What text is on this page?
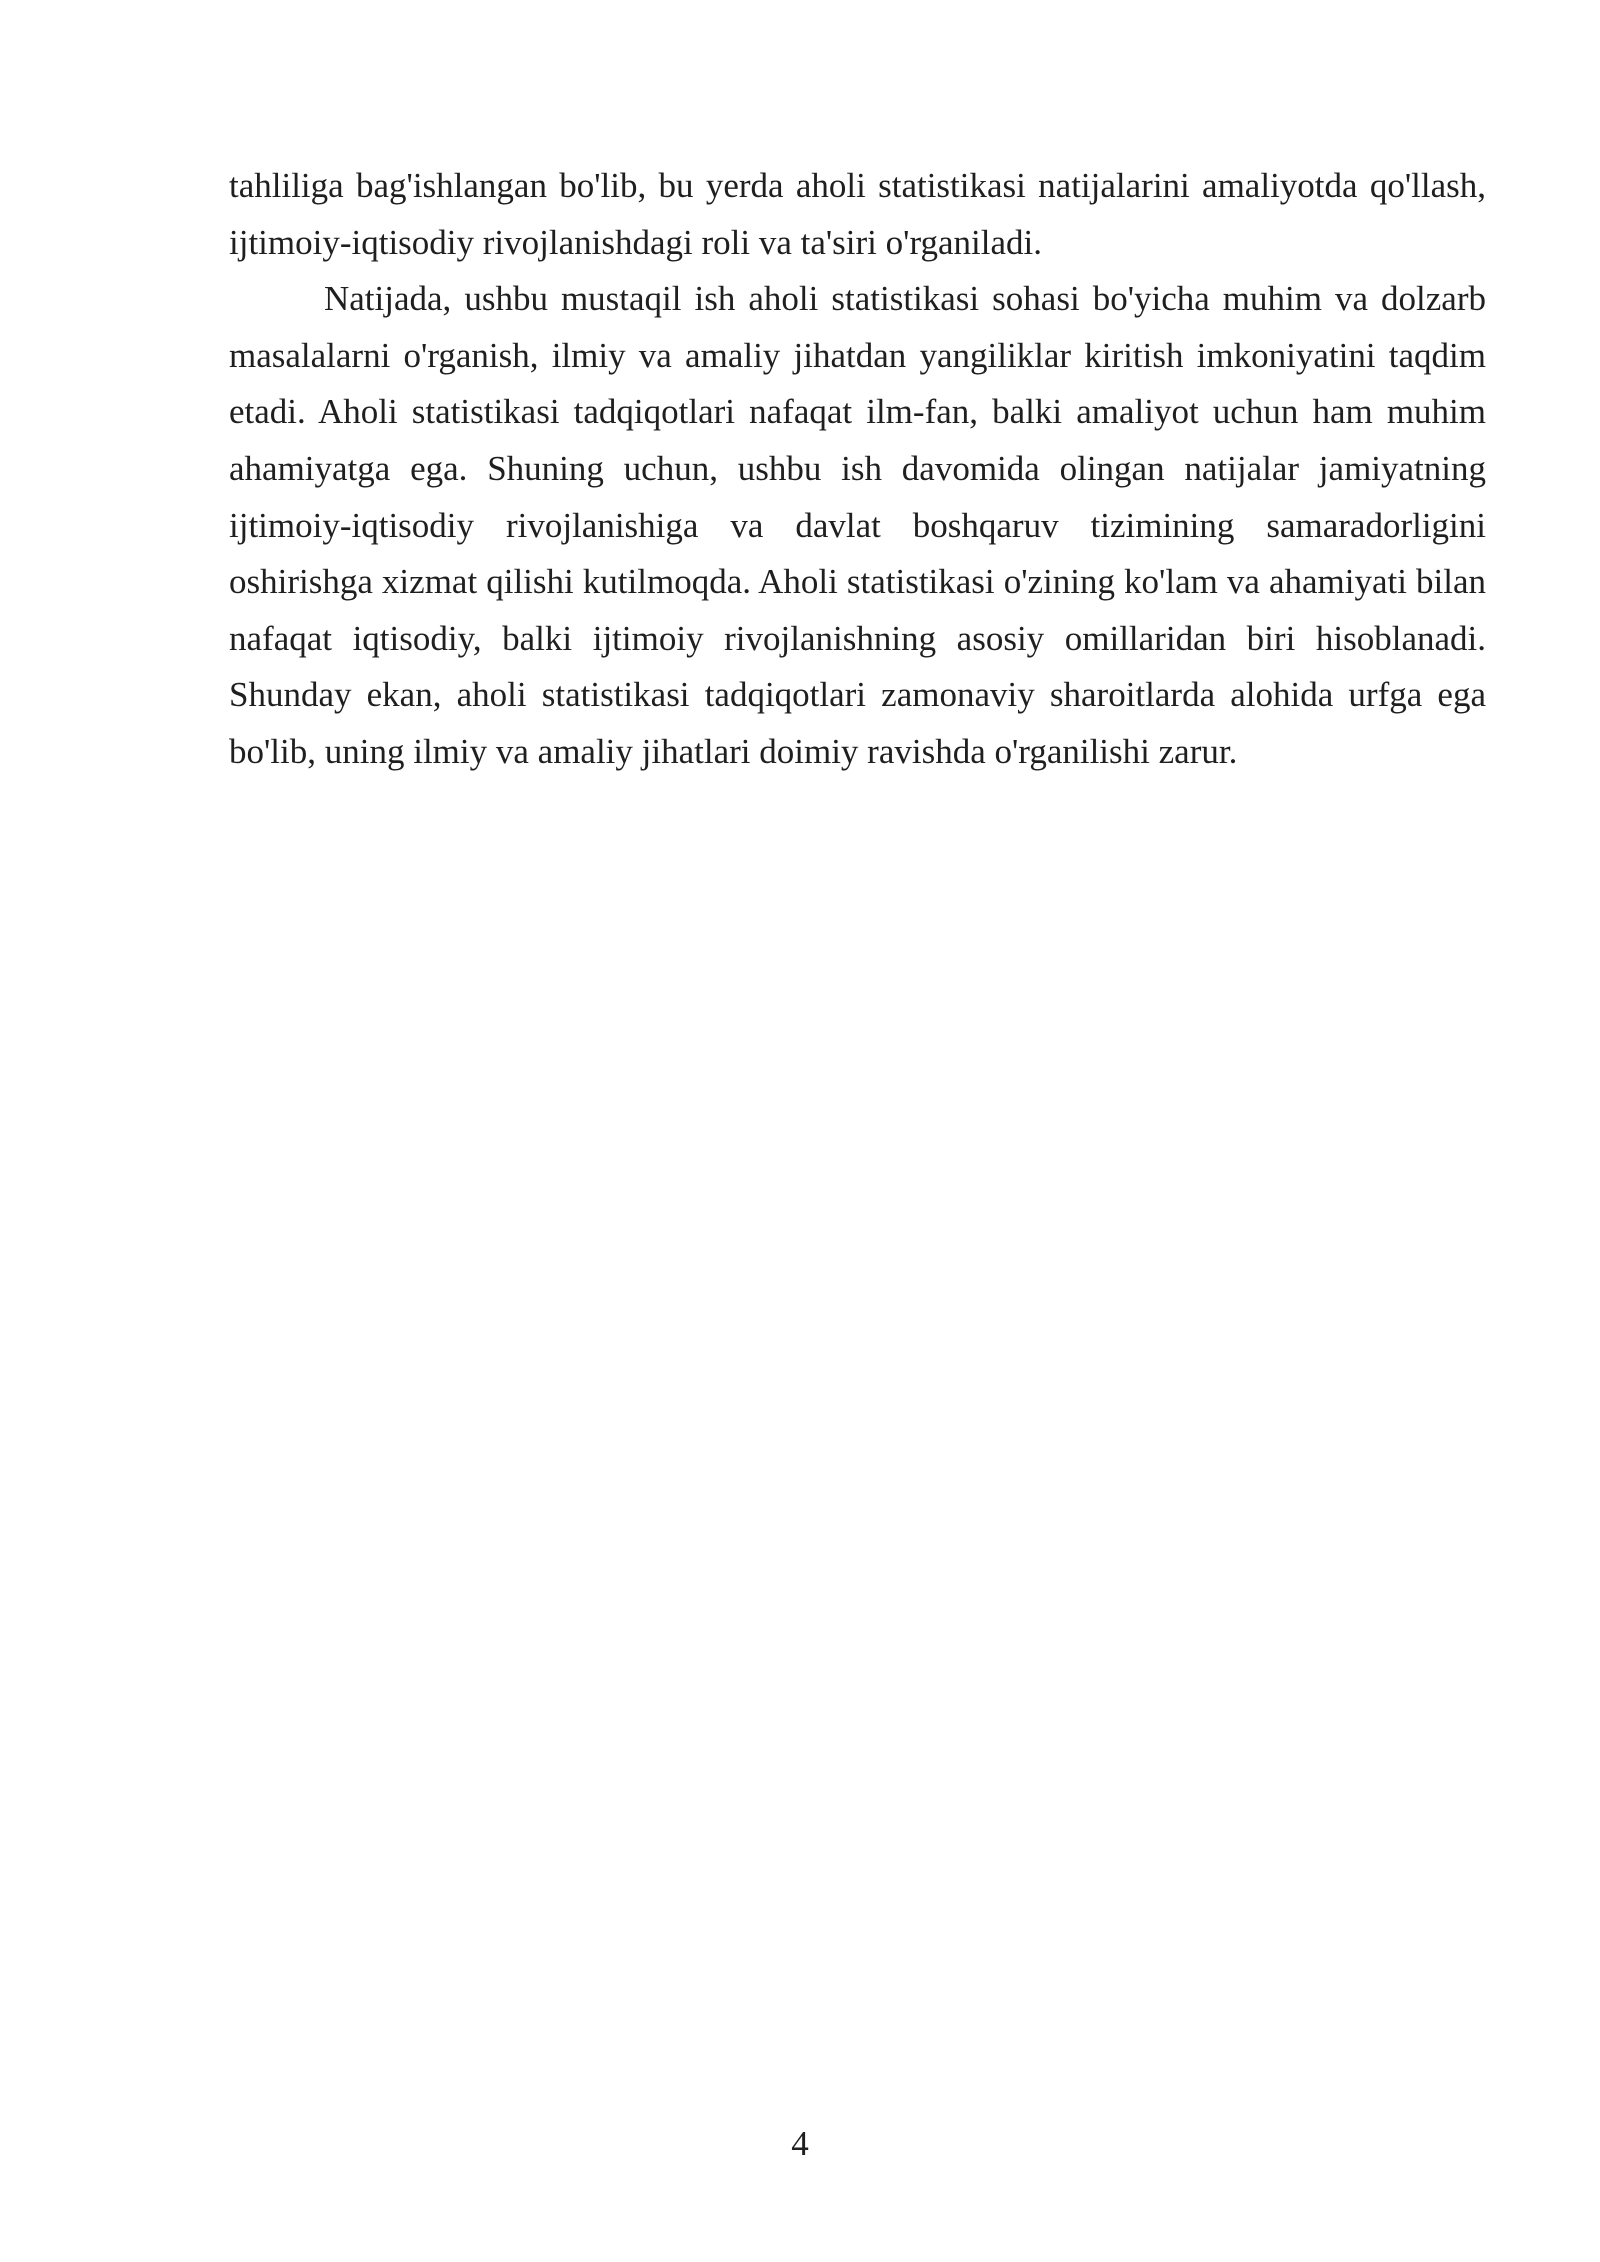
tahliliga bag'ishlangan bo'lib, bu yerda aholi statistikasi natijalarini amaliyotda qo'llash, ijtimoiy-iqtisodiy rivojlanishdagi roli va ta'siri o'rganiladi.

Natijada, ushbu mustaqil ish aholi statistikasi sohasi bo'yicha muhim va dolzarb masalalarni o'rganish, ilmiy va amaliy jihatdan yangiliklar kiritish imkoniyatini taqdim etadi. Aholi statistikasi tadqiqotlari nafaqat ilm-fan, balki amaliyot uchun ham muhim ahamiyatga ega. Shuning uchun, ushbu ish davomida olingan natijalar jamiyatning ijtimoiy-iqtisodiy rivojlanishiga va davlat boshqaruv tizimining samaradorligini oshirishga xizmat qilishi kutilmoqda. Aholi statistikasi o'zining ko'lam va ahamiyati bilan nafaqat iqtisodiy, balki ijtimoiy rivojlanishning asosiy omillaridan biri hisoblanadi. Shunday ekan, aholi statistikasi tadqiqotlari zamonaviy sharoitlarda alohida urfga ega bo'lib, uning ilmiy va amaliy jihatlari doimiy ravishda o'rganilishi zarur.

4
